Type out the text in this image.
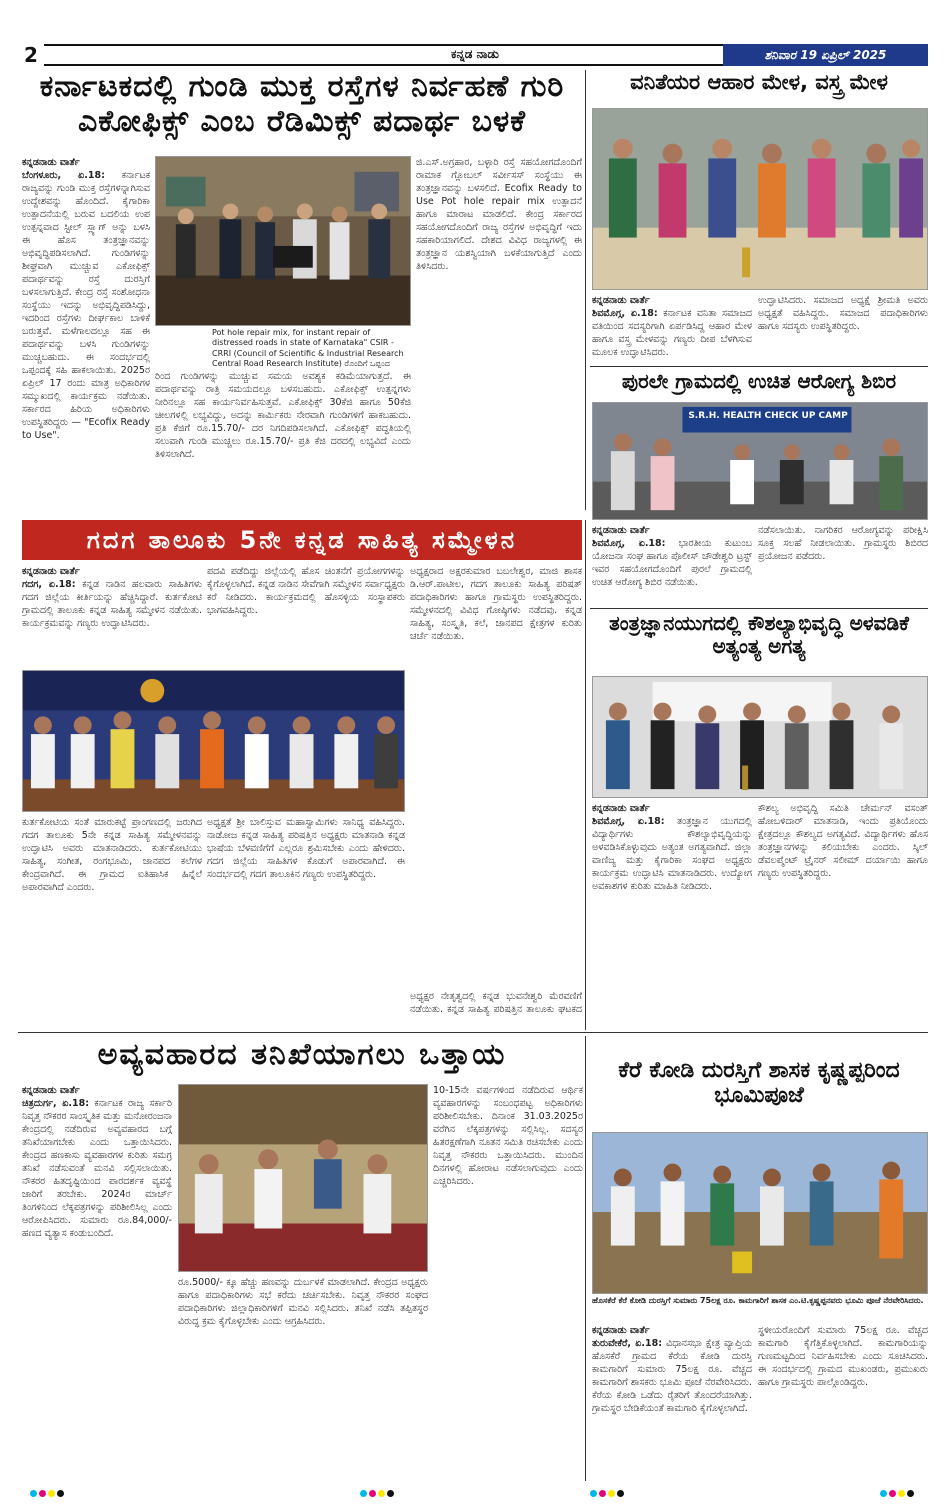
2	ಕನ್ನಡ ನಾಡು	ಶನಿವಾರ 19 ಏಪ್ರಿಲ್ 2025
ಕರ್ನಾಟಕದಲ್ಲಿ ಗುಂಡಿ ಮುಕ್ತ ರಸ್ತೆಗಳ ನಿರ್ವಹಣೆ ಗುರಿ ಎಕೋಫಿಕ್ಸ್ ಎಂಬ ರೆಡಿಮಿಕ್ಸ್ ಪದಾರ್ಥ ಬಳಕೆ
ಕನ್ನಡನಾಡು ವಾರ್ತೆ
ಬೆಂಗಳೂರು, ಏ.18: ಕರ್ನಾಟಕ ರಾಜ್ಯವನ್ನು ಗುಂಡಿ ಮುಕ್ತ ರಸ್ತೆಗಳನ್ನಾಗಿಸುವ ಉದ್ದೇಶವನ್ನು ಹೊಂದಿದೆ. ಕೈಗಾರಿಕಾ ಉತ್ಪಾದನೆಯಲ್ಲಿ ಬರುವ ಬದಲಿಯ ಉಪ ಉತ್ಪನ್ನವಾದ ಸ್ಟೀಲ್ ಸ್ಲ್ಯಾಗ್ ಅನ್ನು ಬಳಸಿ ಈ ಹೊಸ ತಂತ್ರಜ್ಞಾನವನ್ನು ಅಭಿವೃದ್ಧಿಪಡಿಸಲಾಗಿದೆ. ಗುಂಡಿಗಳನ್ನು ಶೀಘ್ರವಾಗಿ ಮುಚ್ಚುವ ಎಕೋಫಿಕ್ಸ್ ಪದಾರ್ಥವನ್ನು ರಸ್ತೆ ದುರಸ್ತಿಗೆ ಬಳಸಲಾಗುತ್ತಿದೆ. ಕೇಂದ್ರ ರಸ್ತೆ ಸಂಶೋಧನಾ ಸಂಸ್ಥೆಯು ಇದನ್ನು ಅಭಿವೃದ್ಧಿಪಡಿಸಿದ್ದು, ಇದರಿಂದ ರಸ್ತೆಗಳು ದೀರ್ಘಕಾಲ ಬಾಳಿಕೆ ಬರುತ್ತವೆ. ಮಳೆಗಾಲದಲ್ಲೂ ಸಹ ಈ ಪದಾರ್ಥವನ್ನು ಬಳಸಿ ಗುಂಡಿಗಳನ್ನು ಮುಚ್ಚಬಹುದು. ಈ ಸಂದರ್ಭದಲ್ಲಿ ಒಪ್ಪಂದಕ್ಕೆ ಸಹಿ ಹಾಕಲಾಯಿತು. 2025ರ ಏಪ್ರಿಲ್ 17 ರಂದು ಮಾತ್ರ ಅಧಿಕಾರಿಗಳ ಸಮ್ಮುಖದಲ್ಲಿ ಕಾರ್ಯಕ್ರಮ ನಡೆಯಿತು. ಸರ್ಕಾರದ ಹಿರಿಯ ಅಧಿಕಾರಿಗಳು ಉಪಸ್ಥಿತರಿದ್ದರು — "Ecofix Ready to Use".
Pot hole repair mix, for instant repair of distressed roads in state of Karnataka" CSIR - CRRI (Council of Scientific & Industrial Research Central Road Research Institute) ರೊಂದಿಗೆ ಒಪ್ಪಂದ
ರಿಂದ ಗುಂಡಿಗಳನ್ನು ಮುಚ್ಚುವ ಸಮಯ ಅವಶ್ಯಕ ಕಡಿಮೆಯಾಗುತ್ತದೆ. ಈ ಪದಾರ್ಥವನ್ನು ರಾತ್ರಿ ಸಮಯದಲ್ಲೂ ಬಳಸಬಹುದು. ಎಕೋಫಿಕ್ಸ್ ಉತ್ಪನ್ನಗಳು ನೀರಿನಲ್ಲೂ ಸಹ ಕಾರ್ಯನಿರ್ವಹಿಸುತ್ತವೆ. ಎಕೋಫಿಕ್ಸ್ 30ಕೆಜಿ ಹಾಗೂ 50ಕೆಜಿ ಚೀಲಗಳಲ್ಲಿ ಲಭ್ಯವಿದ್ದು, ಅದನ್ನು ಕಾರ್ಮಿಕರು ನೇರವಾಗಿ ಗುಂಡಿಗಳಿಗೆ ಹಾಕಬಹುದು. ಪ್ರತಿ ಕೆಜಿಗೆ ರೂ.15.70/- ದರ ನಿಗದಿಪಡಿಸಲಾಗಿದೆ. ಎಕೋಫಿಕ್ಸ್ ಪದ್ಧತಿಯಲ್ಲಿ ಸಲುವಾಗಿ ಗುಂಡಿ ಮುಚ್ಚಲು ರೂ.15.70/- ಪ್ರತಿ ಕೆಜಿ ದರದಲ್ಲಿ ಲಭ್ಯವಿದೆ ಎಂದು ತಿಳಿಸಲಾಗಿದೆ.
ಜಿ.ಎಸ್.ಅಗ್ರಹಾರ, ಬಳ್ಳಾರಿ ರಸ್ತೆ ಸಹಯೋಗದೊಂದಿಗೆ ರಾಮಾಕ ಗ್ಲೋಬಲ್ ಸರ್ವೀಸಸ್ ಸಂಸ್ಥೆಯು ಈ ತಂತ್ರಜ್ಞಾನವನ್ನು ಬಳಸಲಿದೆ. Ecofix Ready to Use Pot hole repair mix ಉತ್ಪಾದನೆ ಹಾಗೂ ಮಾರಾಟ ಮಾಡಲಿದೆ. ಕೇಂದ್ರ ಸರ್ಕಾರದ ಸಹಯೋಗದೊಂದಿಗೆ ರಾಜ್ಯ ರಸ್ತೆಗಳ ಅಭಿವೃದ್ಧಿಗೆ ಇದು ಸಹಕಾರಿಯಾಗಲಿದೆ. ದೇಶದ ವಿವಿಧ ರಾಜ್ಯಗಳಲ್ಲಿ ಈ ತಂತ್ರಜ್ಞಾನ ಯಶಸ್ವಿಯಾಗಿ ಬಳಕೆಯಾಗುತ್ತಿದೆ ಎಂದು ತಿಳಿಸಿದರು.
ವನಿತೆಯರ ಆಹಾರ ಮೇಳ, ವಸ್ತ್ರ ಮೇಳ
ಕನ್ನಡನಾಡು ವಾರ್ತೆ
ಶಿವಮೊಗ್ಗ, ಏ.18: ಕರ್ನಾಟಕ ವನಿತಾ ಸಮಾಜದ ವತಿಯಿಂದ ಸದಸ್ಯರಿಗಾಗಿ ಏರ್ಪಡಿಸಿದ್ದ ಆಹಾರ ಮೇಳ ಹಾಗೂ ವಸ್ತ್ರ ಮೇಳವನ್ನು ಗಣ್ಯರು ದೀಪ ಬೆಳಗಿಸುವ ಮೂಲಕ ಉದ್ಘಾಟಿಸಿದರು.
ಉದ್ಘಾಟಿಸಿದರು. ಸಮಾಜದ ಅಧ್ಯಕ್ಷೆ ಶ್ರೀಮತಿ ಅವರು ಅಧ್ಯಕ್ಷತೆ ವಹಿಸಿದ್ದರು. ಸಮಾಜದ ಪದಾಧಿಕಾರಿಗಳು ಹಾಗೂ ಸದಸ್ಯರು ಉಪಸ್ಥಿತರಿದ್ದರು.
ಪುರಲೇ ಗ್ರಾಮದಲ್ಲಿ ಉಚಿತ ಆರೋಗ್ಯ ಶಿಬಿರ
S.R.H. HEALTH CHECK UP CAMP
ಕನ್ನಡನಾಡು ವಾರ್ತೆ
ಶಿವಮೊಗ್ಗ, ಏ.18: ಭಾರತೀಯ ಕುಟುಂಬ ಯೋಜನಾ ಸಂಘ ಹಾಗೂ ಪೊಲೀಸ್ ಚೌಡೇಶ್ವರಿ ಟ್ರಸ್ಟ್ ಇವರ ಸಹಯೋಗದೊಂದಿಗೆ ಪುರಲೆ ಗ್ರಾಮದಲ್ಲಿ ಉಚಿತ ಆರೋಗ್ಯ ಶಿಬಿರ ನಡೆಯಿತು.
ನಡೆಸಲಾಯಿತು. ನಾಗರಿಕರ ಆರೋಗ್ಯವನ್ನು ಪರೀಕ್ಷಿಸಿ ಸೂಕ್ತ ಸಲಹೆ ನೀಡಲಾಯಿತು. ಗ್ರಾಮಸ್ಥರು ಶಿಬಿರದ ಪ್ರಯೋಜನ ಪಡೆದರು.
ಗದಗ ತಾಲೂಕು 5ನೇ ಕನ್ನಡ ಸಾಹಿತ್ಯ ಸಮ್ಮೇಳನ
ಕನ್ನಡನಾಡು ವಾರ್ತೆ
ಗದಗ, ಏ.18: ಕನ್ನಡ ನಾಡಿನ ಹಲವಾರು ಸಾಹಿತಿಗಳು ಗದಗ ಜಿಲ್ಲೆಯ ಕೀರ್ತಿಯನ್ನು ಹೆಚ್ಚಿಸಿದ್ದಾರೆ. ಕುರ್ತಕೋಟಿ ಗ್ರಾಮದಲ್ಲಿ ತಾಲೂಕು ಕನ್ನಡ ಸಾಹಿತ್ಯ ಸಮ್ಮೇಳನ ನಡೆಯಿತು. ಕಾರ್ಯಕ್ರಮವನ್ನು ಗಣ್ಯರು ಉದ್ಘಾಟಿಸಿದರು.
ಪದವಿ ಪಡೆದಿದ್ದು ಜಿಲ್ಲೆಯಲ್ಲಿ ಹೊಸ ಚಿಂತನೆಗೆ ಪ್ರಯೋಗಗಳನ್ನು ಕೈಗೊಳ್ಳಲಾಗಿದೆ. ಕನ್ನಡ ನಾಡಿನ ಸೇವೆಗಾಗಿ ಸಮ್ಮೇಳನ ಸರ್ವಾಧ್ಯಕ್ಷರು ಕರೆ ನೀಡಿದರು. ಕಾರ್ಯಕ್ರಮದಲ್ಲಿ ಹೊಸಳ್ಳಿಯ ಸಂಸ್ಥಾಪಕರು ಭಾಗವಹಿಸಿದ್ದರು.
ಅಧ್ಯಕ್ಷರಾದ ಅಕ್ಷರಕುಮಾರ ಬಬಲೇಶ್ವರ, ಮಾಜಿ ಶಾಸಕ ಡಿ.ಆರ್.ಪಾಟೀಲ, ಗದಗ ತಾಲೂಕು ಸಾಹಿತ್ಯ ಪರಿಷತ್ ಪದಾಧಿಕಾರಿಗಳು ಹಾಗೂ ಗ್ರಾಮಸ್ಥರು ಉಪಸ್ಥಿತರಿದ್ದರು. ಸಮ್ಮೇಳನದಲ್ಲಿ ವಿವಿಧ ಗೋಷ್ಠಿಗಳು ನಡೆದವು. ಕನ್ನಡ ಸಾಹಿತ್ಯ, ಸಂಸ್ಕೃತಿ, ಕಲೆ, ಜಾನಪದ ಕ್ಷೇತ್ರಗಳ ಕುರಿತು ಚರ್ಚೆ ನಡೆಯಿತು.
ಕುರ್ತಕೋಟಿಯ ಸಂತೆ ಮಾರುಕಟ್ಟೆ ಪ್ರಾಂಗಣದಲ್ಲಿ ಜರುಗಿದ ಗದಗ ತಾಲೂಕು 5ನೇ ಕನ್ನಡ ಸಾಹಿತ್ಯ ಸಮ್ಮೇಳನವನ್ನು ಉದ್ಘಾಟಿಸಿ ಅವರು ಮಾತನಾಡಿದರು. ಕುರ್ತಕೋಟಿಯು ಸಾಹಿತ್ಯ, ಸಂಗೀತ, ರಂಗಭೂಮಿ, ಜಾನಪದ ಕಲೆಗಳ ಕೇಂದ್ರವಾಗಿದೆ. ಈ ಗ್ರಾಮದ ಐತಿಹಾಸಿಕ ಹಿನ್ನೆಲೆ ಅಪಾರವಾಗಿದೆ ಎಂದರು.
ಅಧ್ಯಕ್ಷತೆ ಶ್ರೀ ಬಾಲಿಸ್ತುವ ಮಹಾಸ್ವಾಮಿಗಳು ಸಾನಿಧ್ಯ ವಹಿಸಿದ್ದರು. ನಾಡೋಜ ಕನ್ನಡ ಸಾಹಿತ್ಯ ಪರಿಷತ್ತಿನ ಅಧ್ಯಕ್ಷರು ಮಾತನಾಡಿ ಕನ್ನಡ ಭಾಷೆಯ ಬೆಳವಣಿಗೆಗೆ ಎಲ್ಲರೂ ಶ್ರಮಿಸಬೇಕು ಎಂದು ಹೇಳಿದರು. ಗದಗ ಜಿಲ್ಲೆಯ ಸಾಹಿತಿಗಳ ಕೊಡುಗೆ ಅಪಾರವಾಗಿದೆ. ಈ ಸಂದರ್ಭದಲ್ಲಿ ಗದಗ ತಾಲೂಕಿನ ಗಣ್ಯರು ಉಪಸ್ಥಿತರಿದ್ದರು.
ತಂತ್ರಜ್ಞಾನಯುಗದಲ್ಲಿ ಕೌಶಲ್ಯಾಭಿವೃದ್ಧಿ ಅಳವಡಿಕೆ ಅತ್ಯಂತ್ಯ ಅಗತ್ಯ
ಕನ್ನಡನಾಡು ವಾರ್ತೆ
ಶಿವಮೊಗ್ಗ, ಏ.18: ತಂತ್ರಜ್ಞಾನ ಯುಗದಲ್ಲಿ ವಿದ್ಯಾರ್ಥಿಗಳು ಕೌಶಲ್ಯಾಭಿವೃದ್ಧಿಯನ್ನು ಅಳವಡಿಸಿಕೊಳ್ಳುವುದು ಅತ್ಯಂತ ಅಗತ್ಯವಾಗಿದೆ. ಜಿಲ್ಲಾ ವಾಣಿಜ್ಯ ಮತ್ತು ಕೈಗಾರಿಕಾ ಸಂಘದ ಅಧ್ಯಕ್ಷರು ಕಾರ್ಯಕ್ರಮ ಉದ್ಘಾಟಿಸಿ ಮಾತನಾಡಿದರು. ಉದ್ಯೋಗ ಅವಕಾಶಗಳ ಕುರಿತು ಮಾಹಿತಿ ನೀಡಿದರು.
ಕೌಶಲ್ಯ ಅಭಿವೃದ್ಧಿ ಸಮಿತಿ ಚೇರ್ಮನ್ ವಸಂತ್ ಹೋಬಳಿದಾರ್ ಮಾತನಾಡಿ, ಇಂದು ಪ್ರತಿಯೊಂದು ಕ್ಷೇತ್ರದಲ್ಲೂ ಕೌಶಲ್ಯದ ಅಗತ್ಯವಿದೆ. ವಿದ್ಯಾರ್ಥಿಗಳು ಹೊಸ ತಂತ್ರಜ್ಞಾನಗಳನ್ನು ಕಲಿಯಬೇಕು ಎಂದರು. ಸ್ಕಿಲ್ ಡೆವಲಪ್ಮೆಂಟ್ ಟ್ರೈನರ್ ಸಲೀಮ್ ದರ್ಯಾಯಿ ಹಾಗೂ ಗಣ್ಯರು ಉಪಸ್ಥಿತರಿದ್ದರು.
ಅವ್ಯವಹಾರದ ತನಿಖೆಯಾಗಲು ಒತ್ತಾಯ
ಕನ್ನಡನಾಡು ವಾರ್ತೆ
ಚಿತ್ರದುರ್ಗ, ಏ.18: ಕರ್ನಾಟಕ ರಾಜ್ಯ ಸರ್ಕಾರಿ ನಿವೃತ್ತ ನೌಕರರ ಸಾಂಸ್ಕೃತಿಕ ಮತ್ತು ಮನೋರಂಜನಾ ಕೇಂದ್ರದಲ್ಲಿ ನಡೆದಿರುವ ಅವ್ಯವಹಾರದ ಬಗ್ಗೆ ತನಿಖೆಯಾಗಬೇಕು ಎಂದು ಒತ್ತಾಯಿಸಿದರು. ಕೇಂದ್ರದ ಹಣಕಾಸು ವ್ಯವಹಾರಗಳ ಕುರಿತು ಸಮಗ್ರ ತನಿಖೆ ನಡೆಸುವಂತೆ ಮನವಿ ಸಲ್ಲಿಸಲಾಯಿತು. ನೌಕರರ ಹಿತದೃಷ್ಟಿಯಿಂದ ಪಾರದರ್ಶಕ ವ್ಯವಸ್ಥೆ ಜಾರಿಗೆ ತರಬೇಕು. 2024ರ ಮಾರ್ಚ್ ತಿಂಗಳಿನಿಂದ ಲೆಕ್ಕಪತ್ರಗಳನ್ನು ಪರಿಶೀಲಿಸಿಲ್ಲ ಎಂದು ಆರೋಪಿಸಿದರು. ಸುಮಾರು ರೂ.84,000/- ಹಣದ ವ್ಯತ್ಯಾಸ ಕಂಡುಬಂದಿದೆ.
ರೂ.5000/- ಕ್ಕೂ ಹೆಚ್ಚು ಹಣವನ್ನು ದುರ್ಬಳಕೆ ಮಾಡಲಾಗಿದೆ. ಕೇಂದ್ರದ ಅಧ್ಯಕ್ಷರು ಹಾಗೂ ಪದಾಧಿಕಾರಿಗಳು ಸಭೆ ಕರೆದು ಚರ್ಚಿಸಬೇಕು. ನಿವೃತ್ತ ನೌಕರರ ಸಂಘದ ಪದಾಧಿಕಾರಿಗಳು ಜಿಲ್ಲಾಧಿಕಾರಿಗಳಿಗೆ ಮನವಿ ಸಲ್ಲಿಸಿದರು. ತನಿಖೆ ನಡೆಸಿ ತಪ್ಪಿತಸ್ಥರ ವಿರುದ್ಧ ಕ್ರಮ ಕೈಗೊಳ್ಳಬೇಕು ಎಂದು ಆಗ್ರಹಿಸಿದರು.
10-15ನೇ ವರ್ಷಗಳಿಂದ ನಡೆದಿರುವ ಆರ್ಥಿಕ ವ್ಯವಹಾರಗಳನ್ನು ಸಂಬಂಧಪಟ್ಟ ಅಧಿಕಾರಿಗಳು ಪರಿಶೀಲಿಸಬೇಕು. ದಿನಾಂಕ 31.03.2025ರ ವರೆಗಿನ ಲೆಕ್ಕಪತ್ರಗಳನ್ನು ಸಲ್ಲಿಸಿಲ್ಲ. ಸದಸ್ಯರ ಹಿತರಕ್ಷಣೆಗಾಗಿ ನೂತನ ಸಮಿತಿ ರಚಿಸಬೇಕು ಎಂದು ನಿವೃತ್ತ ನೌಕರರು ಒತ್ತಾಯಿಸಿದರು. ಮುಂದಿನ ದಿನಗಳಲ್ಲಿ ಹೋರಾಟ ನಡೆಸಲಾಗುವುದು ಎಂದು ಎಚ್ಚರಿಸಿದರು.
ಕೆರೆ ಕೋಡಿ ದುರಸ್ತಿಗೆ ಶಾಸಕ ಕೃಷ್ಣಪ್ಪರಿಂದ ಭೂಮಿಪೂಜೆ
ಹೊಸಕೆರೆ ಕೆರೆ ಕೋಡಿ ದುರಸ್ತಿಗೆ ಸುಮಾರು 75ಲಕ್ಷ ರೂ. ಕಾಮಗಾರಿಗೆ ಶಾಸಕ ಎಂ.ಟಿ.ಕೃಷ್ಣಪ್ಪನವರು ಭೂಮಿ ಪೂಜೆ ನೆರವೇರಿಸಿದರು.
ಕನ್ನಡನಾಡು ವಾರ್ತೆ
ತುರುವೇಕೆರೆ, ಏ.18: ವಿಧಾನಸಭಾ ಕ್ಷೇತ್ರ ವ್ಯಾಪ್ತಿಯ ಹೊಸಕೆರೆ ಗ್ರಾಮದ ಕೆರೆಯ ಕೋಡಿ ದುರಸ್ತಿ ಕಾಮಗಾರಿಗೆ ಸುಮಾರು 75ಲಕ್ಷ ರೂ. ವೆಚ್ಚದ ಕಾಮಗಾರಿಗೆ ಶಾಸಕರು ಭೂಮಿ ಪೂಜೆ ನೆರವೇರಿಸಿದರು. ಕೆರೆಯ ಕೋಡಿ ಒಡೆದು ರೈತರಿಗೆ ತೊಂದರೆಯಾಗಿತ್ತು. ಗ್ರಾಮಸ್ಥರ ಬೇಡಿಕೆಯಂತೆ ಕಾಮಗಾರಿ ಕೈಗೊಳ್ಳಲಾಗಿದೆ.
ಸ್ಥಳೀಯರೊಂದಿಗೆ ಸುಮಾರು 75ಲಕ್ಷ ರೂ. ವೆಚ್ಚದ ಕಾಮಗಾರಿ ಕೈಗೆತ್ತಿಕೊಳ್ಳಲಾಗಿದೆ. ಕಾಮಗಾರಿಯನ್ನು ಗುಣಮಟ್ಟದಿಂದ ನಿರ್ವಹಿಸಬೇಕು ಎಂದು ಸೂಚಿಸಿದರು. ಈ ಸಂದರ್ಭದಲ್ಲಿ ಗ್ರಾಮದ ಮುಖಂಡರು, ಪ್ರಮುಖರು ಹಾಗೂ ಗ್ರಾಮಸ್ಥರು ಪಾಲ್ಗೊಂಡಿದ್ದರು.
ಅಧ್ಯಕ್ಷರ ನೇತೃತ್ವದಲ್ಲಿ ಕನ್ನಡ ಭುವನೇಶ್ವರಿ ಮೆರವಣಿಗೆ ನಡೆಯಿತು. ಕನ್ನಡ ಸಾಹಿತ್ಯ ಪರಿಷತ್ತಿನ ತಾಲೂಕು ಘಟಕದ
